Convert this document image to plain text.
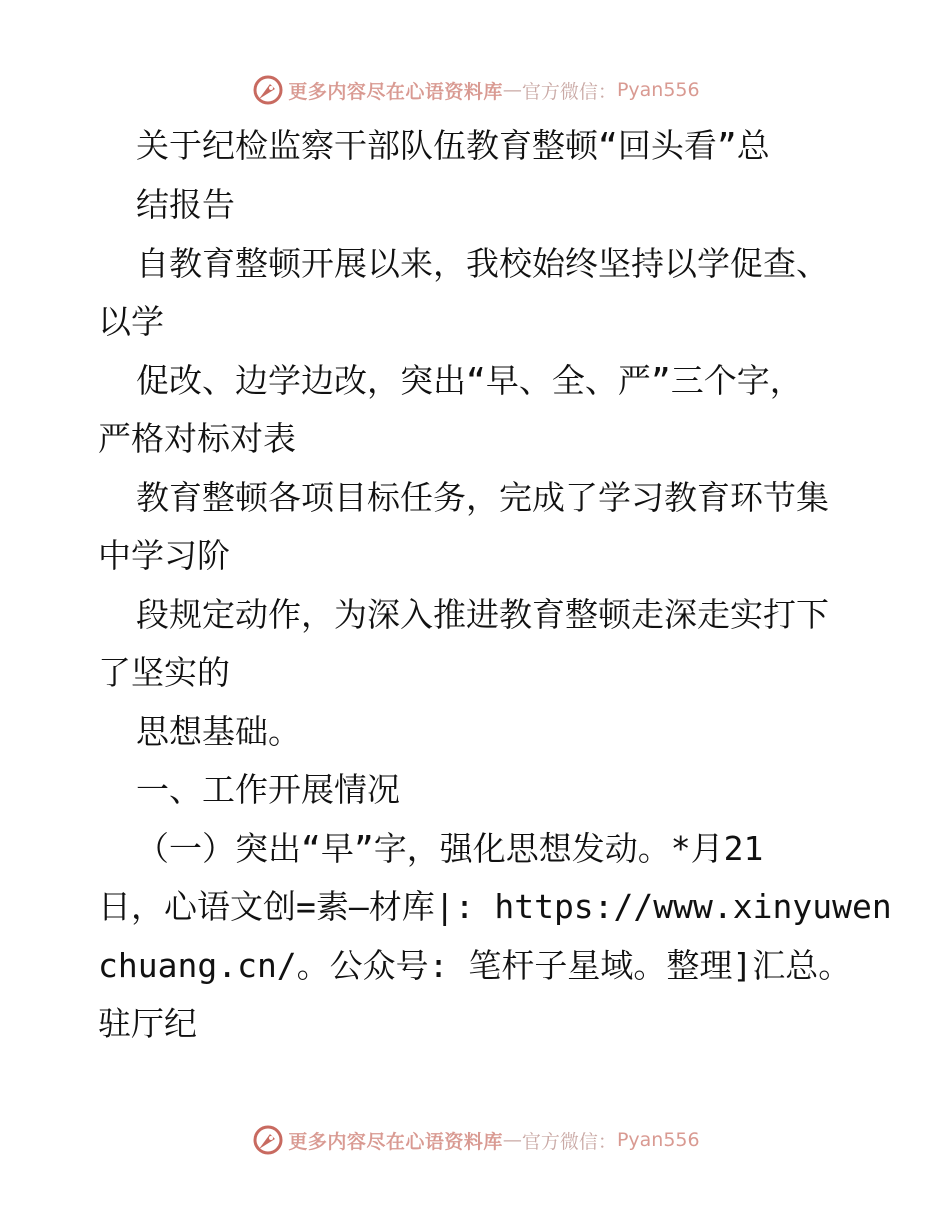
更多内容尽在心语资料库 — 官方微信： Pyan556
关于纪检监察干部队伍教育整顿“回头看”总
结报告
自教育整顿开展以来，我校始终坚持以学促查、
以学
促改、边学边改，突出“早、全、严”三个字，
严格对标对表
教育整顿各项目标任务，完成了学习教育环节集
中学习阶
段规定动作，为深入推进教育整顿走深走实打下
了坚实的
思想基础。
一、工作开展情况
（一）突出“早”字，强化思想发动。*月21
日，心语文创=素—材库|: https://www.xinyuwen
chuang.cn/。公众号: 笔杆子星域。整理]汇总。
驻厅纪
更多内容尽在心语资料库 — 官方微信： Pyan556
